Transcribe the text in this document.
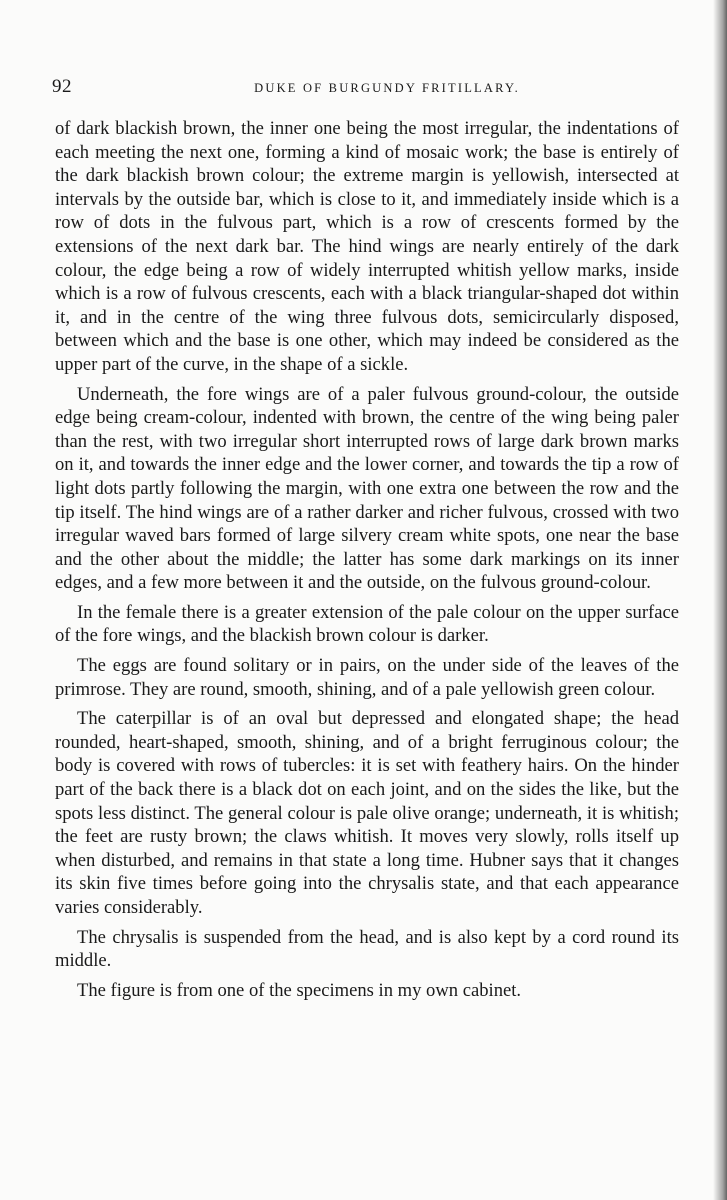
92	DUKE OF BURGUNDY FRITILLARY.

of dark blackish brown, the inner one being the most irregular, the indentations of each meeting the next one, forming a kind of mosaic work; the base is entirely of the dark blackish brown colour; the extreme margin is yellowish, intersected at intervals by the outside bar, which is close to it, and immediately inside which is a row of dots in the fulvous part, which is a row of crescents formed by the extensions of the next dark bar. The hind wings are nearly entirely of the dark colour, the edge being a row of widely interrupted whitish yellow marks, inside which is a row of fulvous crescents, each with a black triangular-shaped dot within it, and in the centre of the wing three fulvous dots, semicircularly disposed, between which and the base is one other, which may indeed be considered as the upper part of the curve, in the shape of a sickle.

Underneath, the fore wings are of a paler fulvous ground-colour, the outside edge being cream-colour, indented with brown, the centre of the wing being paler than the rest, with two irregular short interrupted rows of large dark brown marks on it, and towards the inner edge and the lower corner, and towards the tip a row of light dots partly following the margin, with one extra one between the row and the tip itself. The hind wings are of a rather darker and richer fulvous, crossed with two irregular waved bars formed of large silvery cream white spots, one near the base and the other about the middle; the latter has some dark markings on its inner edges, and a few more between it and the outside, on the fulvous ground-colour.

In the female there is a greater extension of the pale colour on the upper surface of the fore wings, and the blackish brown colour is darker.

The eggs are found solitary or in pairs, on the under side of the leaves of the primrose. They are round, smooth, shining, and of a pale yellowish green colour.

The caterpillar is of an oval but depressed and elongated shape; the head rounded, heart-shaped, smooth, shining, and of a bright ferruginous colour; the body is covered with rows of tubercles: it is set with feathery hairs. On the hinder part of the back there is a black dot on each joint, and on the sides the like, but the spots less distinct. The general colour is pale olive orange; underneath, it is whitish; the feet are rusty brown; the claws whitish. It moves very slowly, rolls itself up when disturbed, and remains in that state a long time. Hubner says that it changes its skin five times before going into the chrysalis state, and that each appearance varies considerably.

The chrysalis is suspended from the head, and is also kept by a cord round its middle.

The figure is from one of the specimens in my own cabinet.
